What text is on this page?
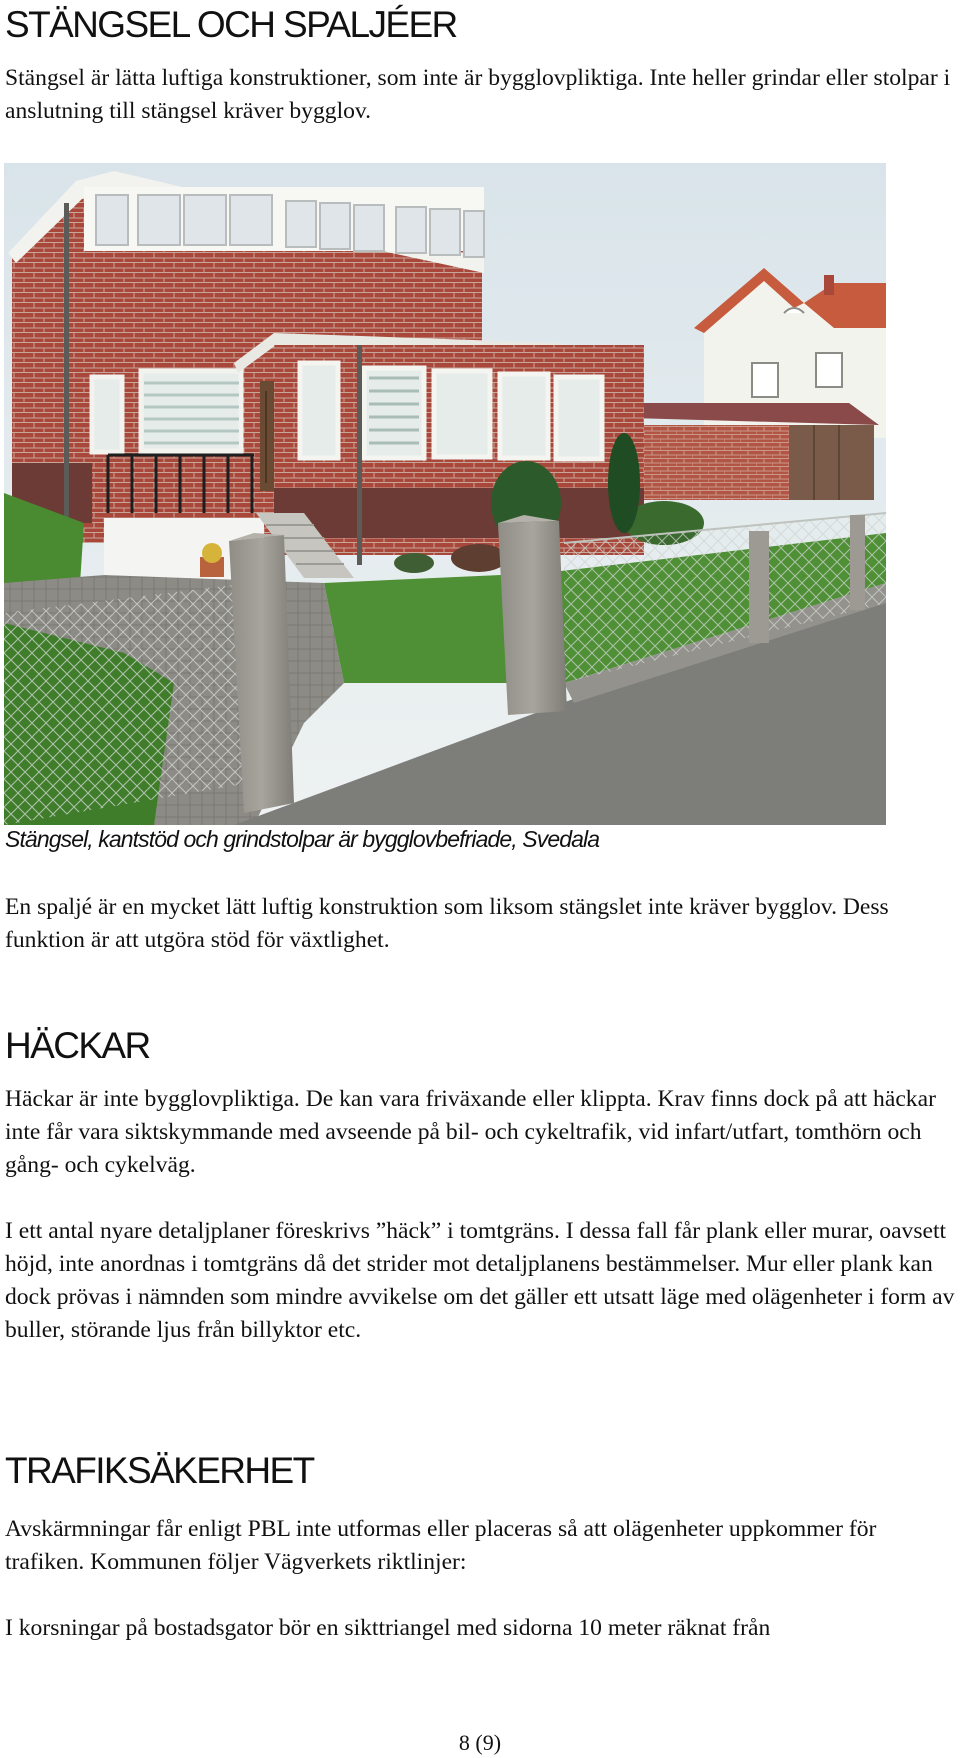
STÄNGSEL OCH SPALJÉER

Stängsel är lätta luftiga konstruktioner, som inte är bygglovpliktiga. Inte heller grindar eller stolpar i anslutning till stängsel kräver bygglov.

Stängsel, kantstöd och grindstolpar är bygglovbefriade, Svedala

En spaljé är en mycket lätt luftig konstruktion som liksom stängslet inte kräver bygglov. Dess funktion är att utgöra stöd för växtlighet.

HÄCKAR

Häckar är inte bygglovpliktiga. De kan vara friväxande eller klippta. Krav finns dock på att häckar inte får vara siktskymmande med avseende på bil- och cykeltrafik, vid infart/utfart, tomthörn och gång- och cykelväg.

I ett antal nyare detaljplaner föreskrivs ”häck” i tomtgräns. I dessa fall får plank eller murar, oavsett höjd, inte anordnas i tomtgräns då det strider mot detaljplanens bestämmelser. Mur eller plank kan dock prövas i nämnden som mindre avvikelse om det gäller ett utsatt läge med olägenheter i form av buller, störande ljus från billyktor etc.

TRAFIKSÄKERHET

Avskärmningar får enligt PBL inte utformas eller placeras så att olägenheter uppkommer för trafiken. Kommunen följer Vägverkets riktlinjer:

I korsningar på bostadsgator bör en sikttriangel med sidorna 10 meter räknat från

8 (9)
